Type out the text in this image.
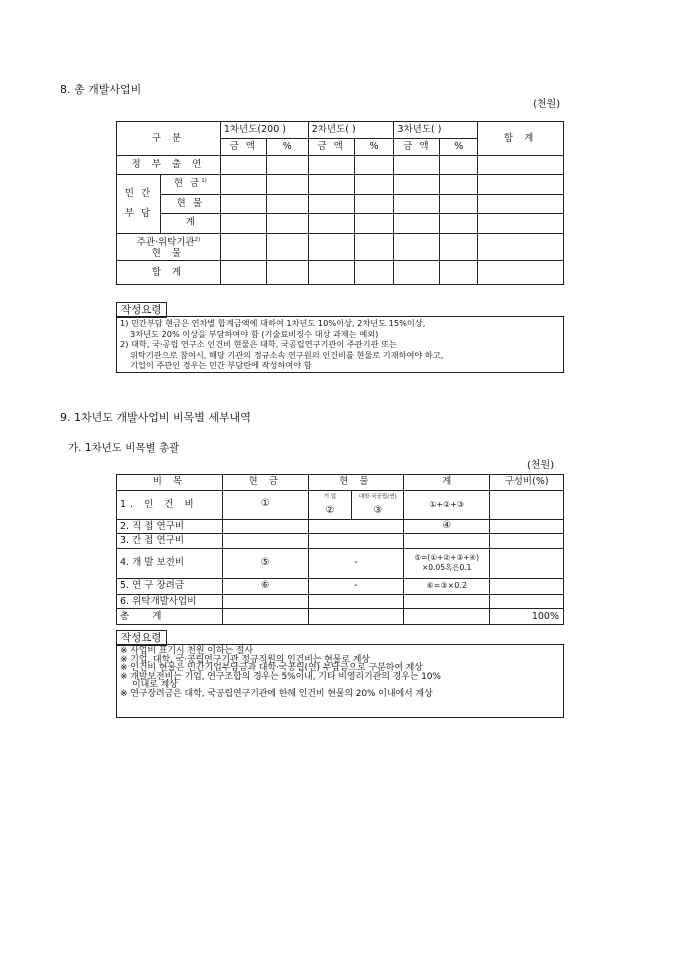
8. 총 개발사업비
(천원)
구 분		1차년도(200 )		2차년도( )		3차년도( )		합 계
		금 액	%	금 액	%	금 액	%	
정 부 출 연								
민 간
부 담	현 금$^{1)}$							
	현 물							
	계							

주관·위탁기관$^{2)}$
현 물								

합 계								
작성요령
1) 민간부담 현금은 연차별 합계금액에 대하여 1차년도 10%이상, 2차년도 15%이상,
3차년도 20% 이상을 부담하여야 함 (기술료비징수 대상 과제는 예외)
2) 대학, 국·공립 연구소 인건비 현물은 대학, 국공립연구기관이 주관기관 또는
위탁기관으로 참여시, 해당 기관의 정규소속 연구원의 인건비를 현물로 기재하여야 하고,
기업이 주관인 경우는 민간 부담란에 작성하여야 함
9. 1차년도 개발사업비 비목별 세부내역
가. 1차년도 비목별 총괄
(천원)
비 목	현 금	현 물		계	구성비(%)
1. 인 건 비	①	기 업	대학·국공립(연)	①+②+③	
		②	③		
2. 직 접 연구비				④	
3. 간 접 연구비					
4. 개 발 보전비	⑤	-		⑤=(①+②+③+④)
×0.05혹은0.1	

5. 연 구 장려금	⑥	-		⑥=③×0.2	
6. 위탁개발사업비					
총 계					100%
작성요령
※ 사업비 표기시 천원 이하는 절사
※ 기업, 대학, 국·공립연구기관 정규직원의 인건비는 현물로 계상
※ 인건비 현물은 민간기업부담금과 대학·국공립(연) 부담금으로 구분하여 계상
※ 개발보전비는 기업, 연구조합의 경우는 5%이내, 기타 비영리기관의 경우는 10%
이내로 계상
※ 연구장려금은 대학, 국공립연구기관에 한해 인건비 현물의 20% 이내에서 계상
